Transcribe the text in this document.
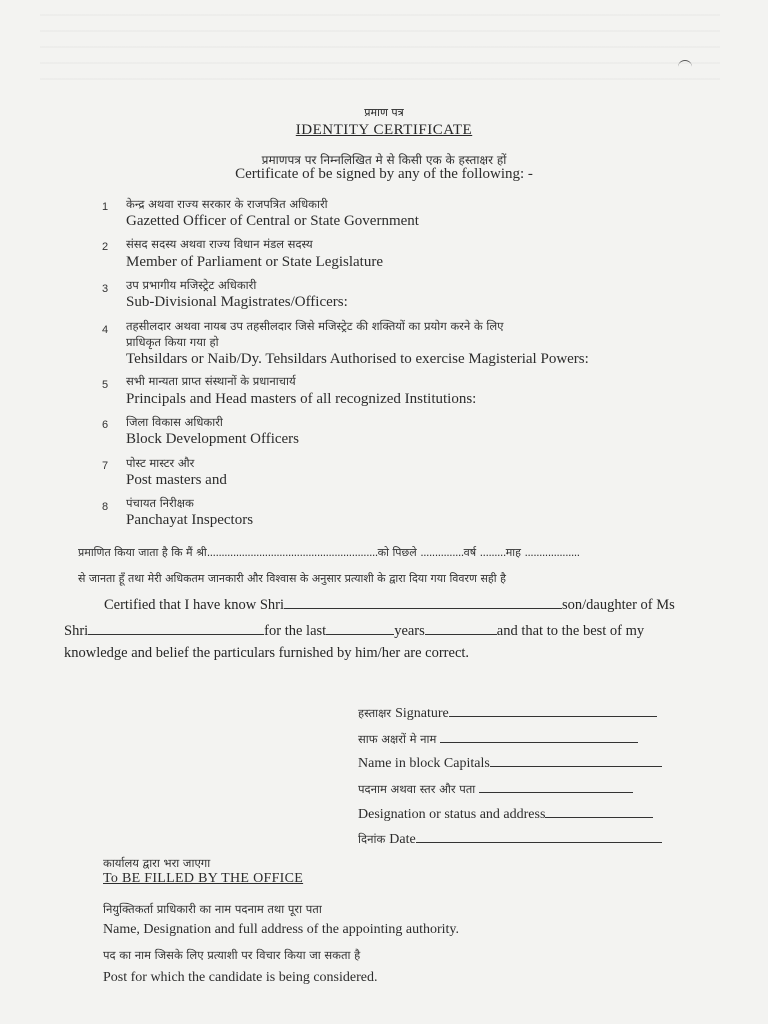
प्रमाण पत्र
IDENTITY CERTIFICATE
प्रमाणपत्र पर निम्नलिखित मे से किसी एक के हस्ताक्षर हों
Certificate of be signed by any of the following: -
1 केन्द्र अथवा राज्य सरकार के राजपत्रित अधिकारी
Gazetted Officer of Central or State Government
2 संसद सदस्य अथवा राज्य विधान मंडल सदस्य
Member of Parliament or State Legislature
3 उप प्रभागीय मजिस्ट्रेट अधिकारी
Sub-Divisional Magistrates/Officers:
4 तहसीलदार अथवा नायब उप तहसीलदार जिसे मजिस्ट्रेट की शक्तियों का प्रयोग करने के लिए
प्राधिकृत किया गया हो
Tehsildars or Naib/Dy. Tehsildars Authorised to exercise Magisterial Powers:
5 सभी मान्यता प्राप्त संस्थानों के प्रधानाचार्य
Principals and Head masters of all recognized Institutions:
6 जिला विकास अधिकारी
Block Development Officers
7 पोस्ट मास्टर और
Post masters and
8 पंचायत निरीक्षक
Panchayat Inspectors
प्रमाणित किया जाता है कि मैं श्री...........................................................को पिछले ...............वर्ष .........माह ...................
से जानता हूँ तथा मेरी अधिकतम जानकारी और विश्वास के अनुसार प्रत्याशी के द्वारा दिया गया विवरण सही है
Certified that I have know Shri	son/daughter of Ms
Shri	for the last	years	and that to the best of my
knowledge and belief the particulars furnished by him/her are correct.
हस्ताक्षर Signature
साफ अक्षरों मे नाम
Name in block Capitals
पदनाम अथवा स्तर और पता
Designation or status and address
दिनांक Date
कार्यालय द्वारा भरा जाएगा
To BE FILLED BY THE OFFICE
नियुक्तिकर्ता प्राधिकारी का नाम पदनाम तथा पूरा पता
Name, Designation and full address of the appointing authority.
पद का नाम जिसके लिए प्रत्याशी पर विचार किया जा सकता है
Post for which the candidate is being considered.
